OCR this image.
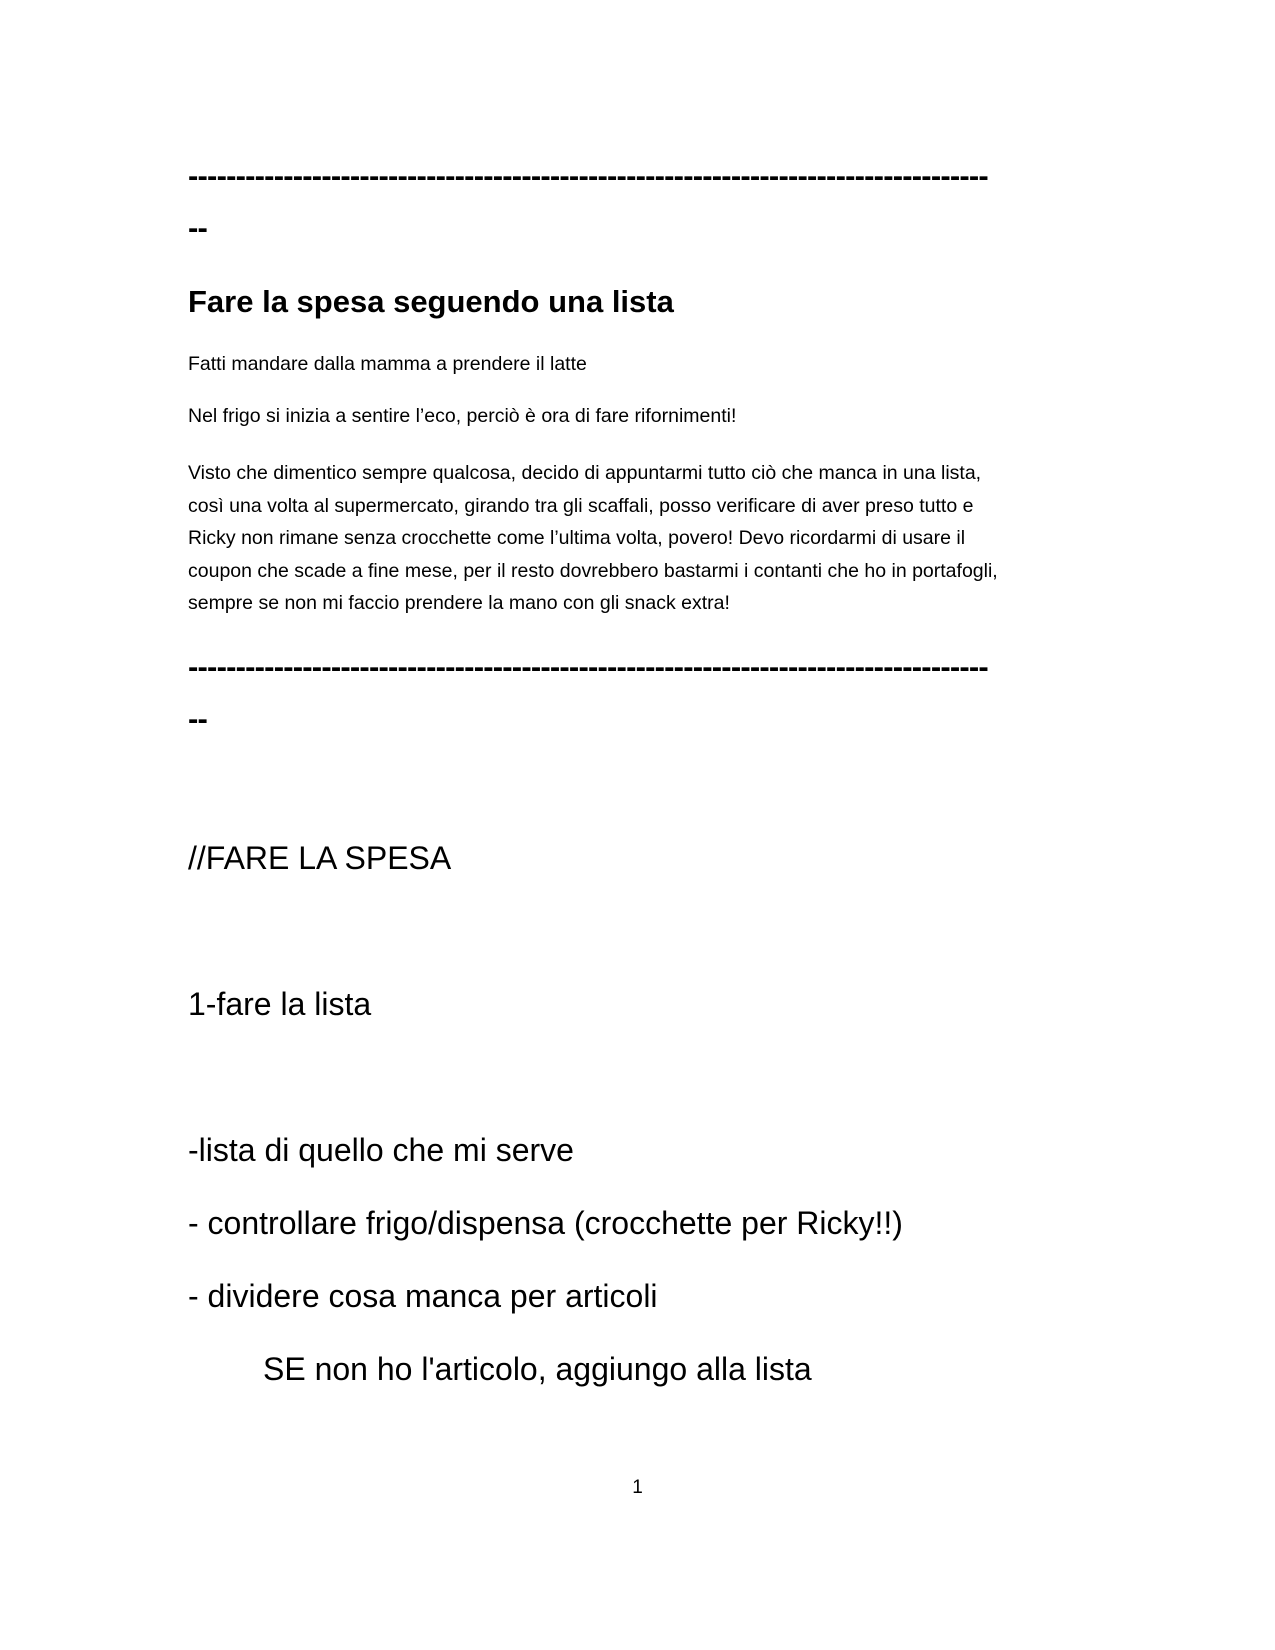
------------------------------------------------------------------------------------

--

Fare la spesa seguendo una lista

Fatti mandare dalla mamma a prendere il latte

Nel frigo si inizia a sentire l’eco, perciò è ora di fare rifornimenti!

Visto che dimentico sempre qualcosa, decido di appuntarmi tutto ciò che manca in una lista,
così una volta al supermercato, girando tra gli scaffali, posso verificare di aver preso tutto e
Ricky non rimane senza crocchette come l’ultima volta, povero! Devo ricordarmi di usare il
coupon che scade a fine mese, per il resto dovrebbero bastarmi i contanti che ho in portafogli,
sempre se non mi faccio prendere la mano con gli snack extra!

------------------------------------------------------------------------------------

--

//FARE LA SPESA

1-fare la lista

-lista di quello che mi serve

- controllare frigo/dispensa (crocchette per Ricky!!)

- dividere cosa manca per articoli

SE non ho l'articolo, aggiungo alla lista

1
